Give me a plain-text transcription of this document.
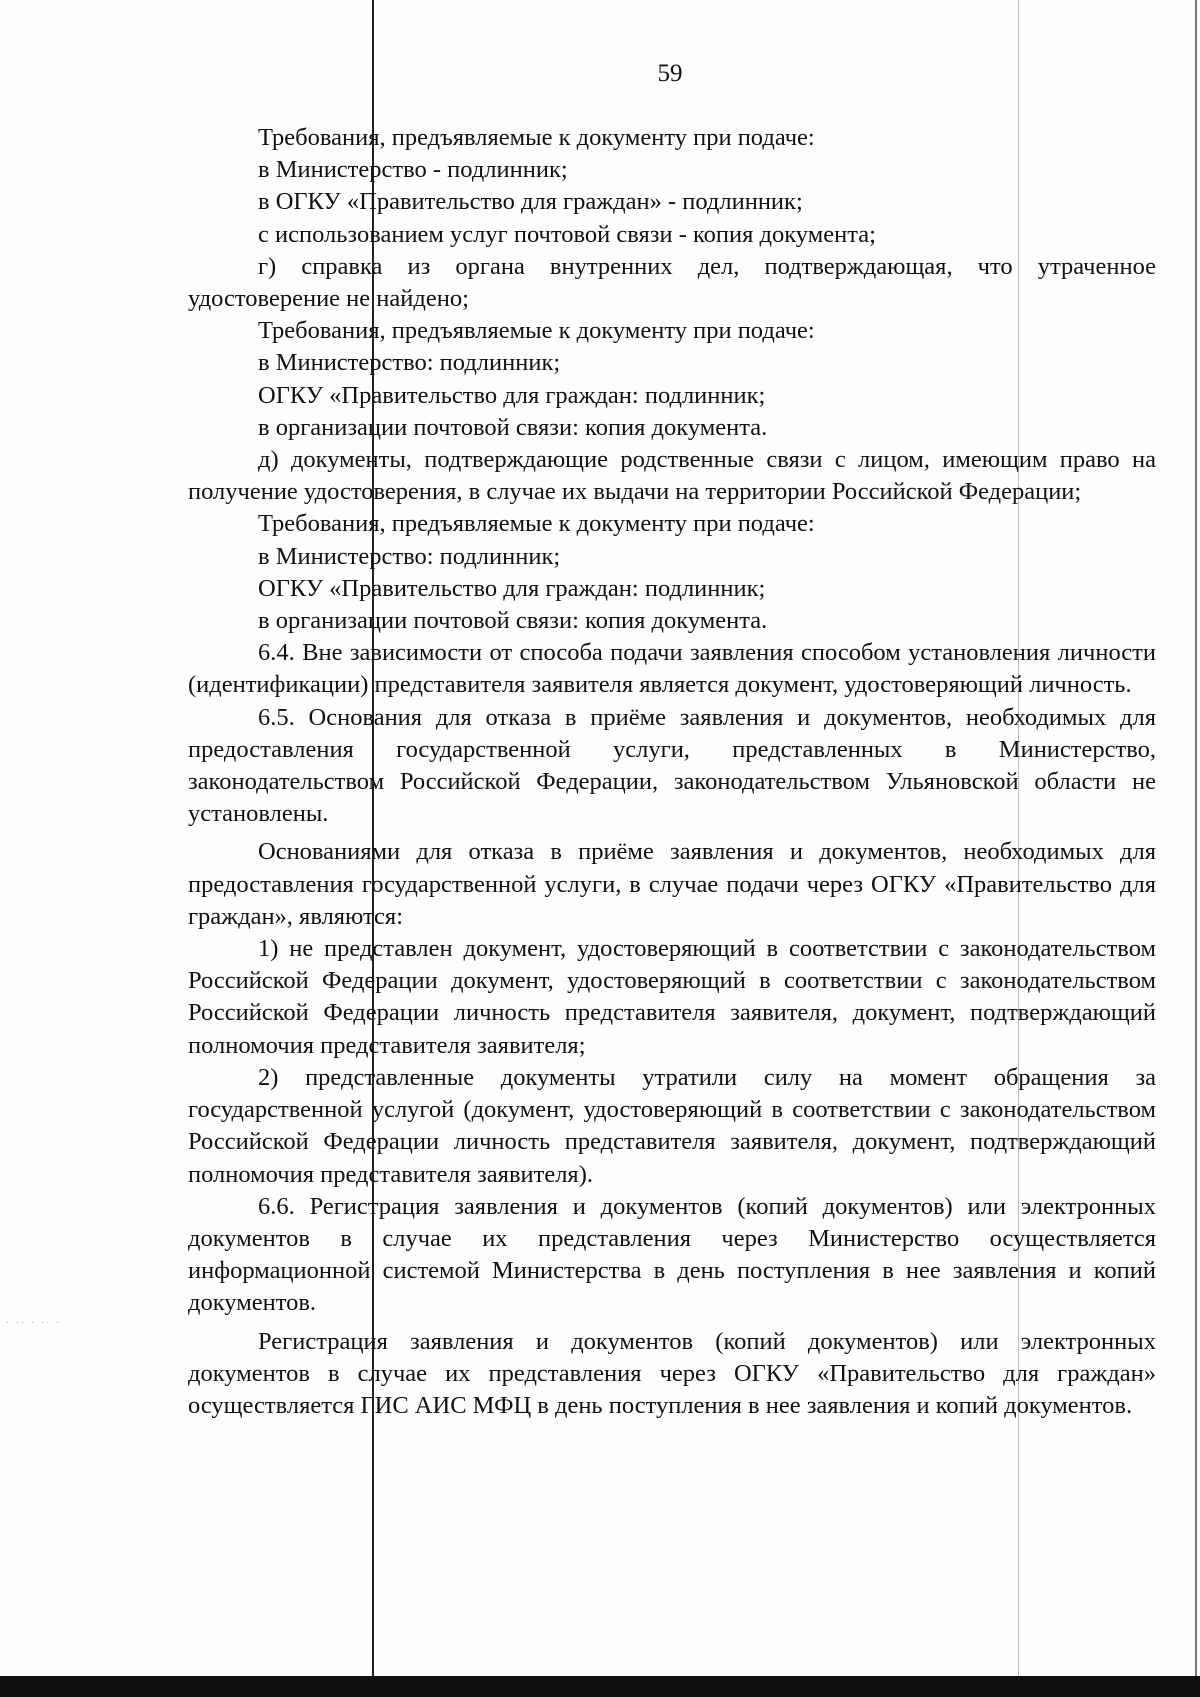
· ·· · ·· ·
59

Требования, предъявляемые к документу при подаче:

в Министерство - подлинник;

в ОГКУ «Правительство для граждан» - подлинник;

с использованием услуг почтовой связи - копия документа;

г) справка из органа внутренних дел, подтверждающая, что утраченное удостоверение не найдено;

Требования, предъявляемые к документу при подаче:

в Министерство: подлинник;

ОГКУ «Правительство для граждан: подлинник;

в организации почтовой связи: копия документа.

д) документы, подтверждающие родственные связи с лицом, имеющим право на получение удостоверения, в случае их выдачи на территории Российской Федерации;

Требования, предъявляемые к документу при подаче:

в Министерство: подлинник;

ОГКУ «Правительство для граждан: подлинник;

в организации почтовой связи: копия документа.

6.4. Вне зависимости от способа подачи заявления способом установления личности (идентификации) представителя заявителя является документ, удостоверяющий личность.

6.5. Основания для отказа в приёме заявления и документов, необходимых для предоставления государственной услуги, представленных в Министерство, законодательством Российской Федерации, законодательством Ульяновской области не установлены.

Основаниями для отказа в приёме заявления и документов, необходимых для предоставления государственной услуги, в случае подачи через ОГКУ «Правительство для граждан», являются:

1) не представлен документ, удостоверяющий в соответствии с законодательством Российской Федерации документ, удостоверяющий в соответствии с законодательством Российской Федерации личность представителя заявителя, документ, подтверждающий полномочия представителя заявителя;

2) представленные документы утратили силу на момент обращения за государственной услугой (документ, удостоверяющий в соответствии с законодательством Российской Федерации личность представителя заявителя, документ, подтверждающий полномочия представителя заявителя).

6.6. Регистрация заявления и документов (копий документов) или электронных документов в случае их представления через Министерство осуществляется информационной системой Министерства в день поступления в нее заявления и копий документов.

Регистрация заявления и документов (копий документов) или электронных документов в случае их представления через ОГКУ «Правительство для граждан» осуществляется ГИС АИС МФЦ в день поступления в нее заявления и копий документов.
